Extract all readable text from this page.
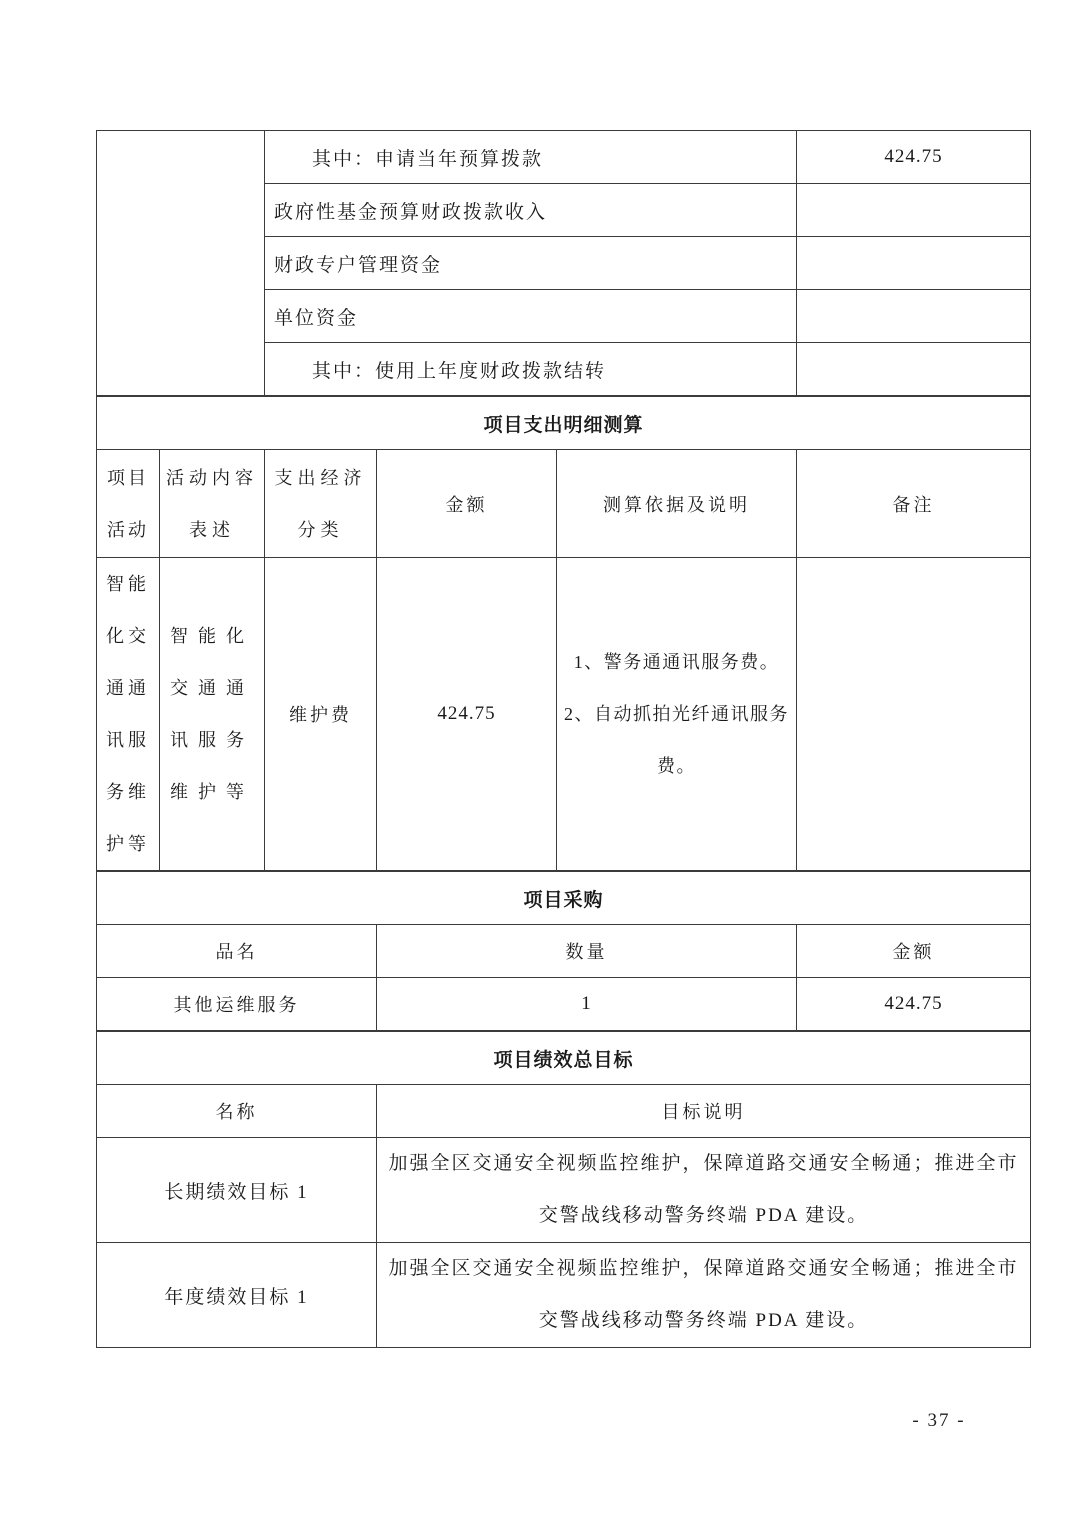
	其中：申请当年预算拨款	424.75
	政府性基金预算财政拨款收入	
	财政专户管理资金	
	单位资金	
	其中：使用上年度财政拨款结转	
项目支出明细测算					
项目活动	活动内容表述	支出经济分类	金额	测算依据及说明	备注
智能化交通通讯服务维护等	智能化交通通讯服务维护等	维护费	424.75	1、警务通通讯服务费。
2、自动抓拍光纤通讯服务费。	

项目采购		
品名	数量	金额
其他运维服务	1	424.75
项目绩效总目标	
名称	目标说明
长期绩效目标 1	加强全区交通安全视频监控维护，保障道路交通安全畅通；推进全市交警战线移动警务终端 PDA 建设。
年度绩效目标 1	加强全区交通安全视频监控维护，保障道路交通安全畅通；推进全市交警战线移动警务终端 PDA 建设。
- 37 -
